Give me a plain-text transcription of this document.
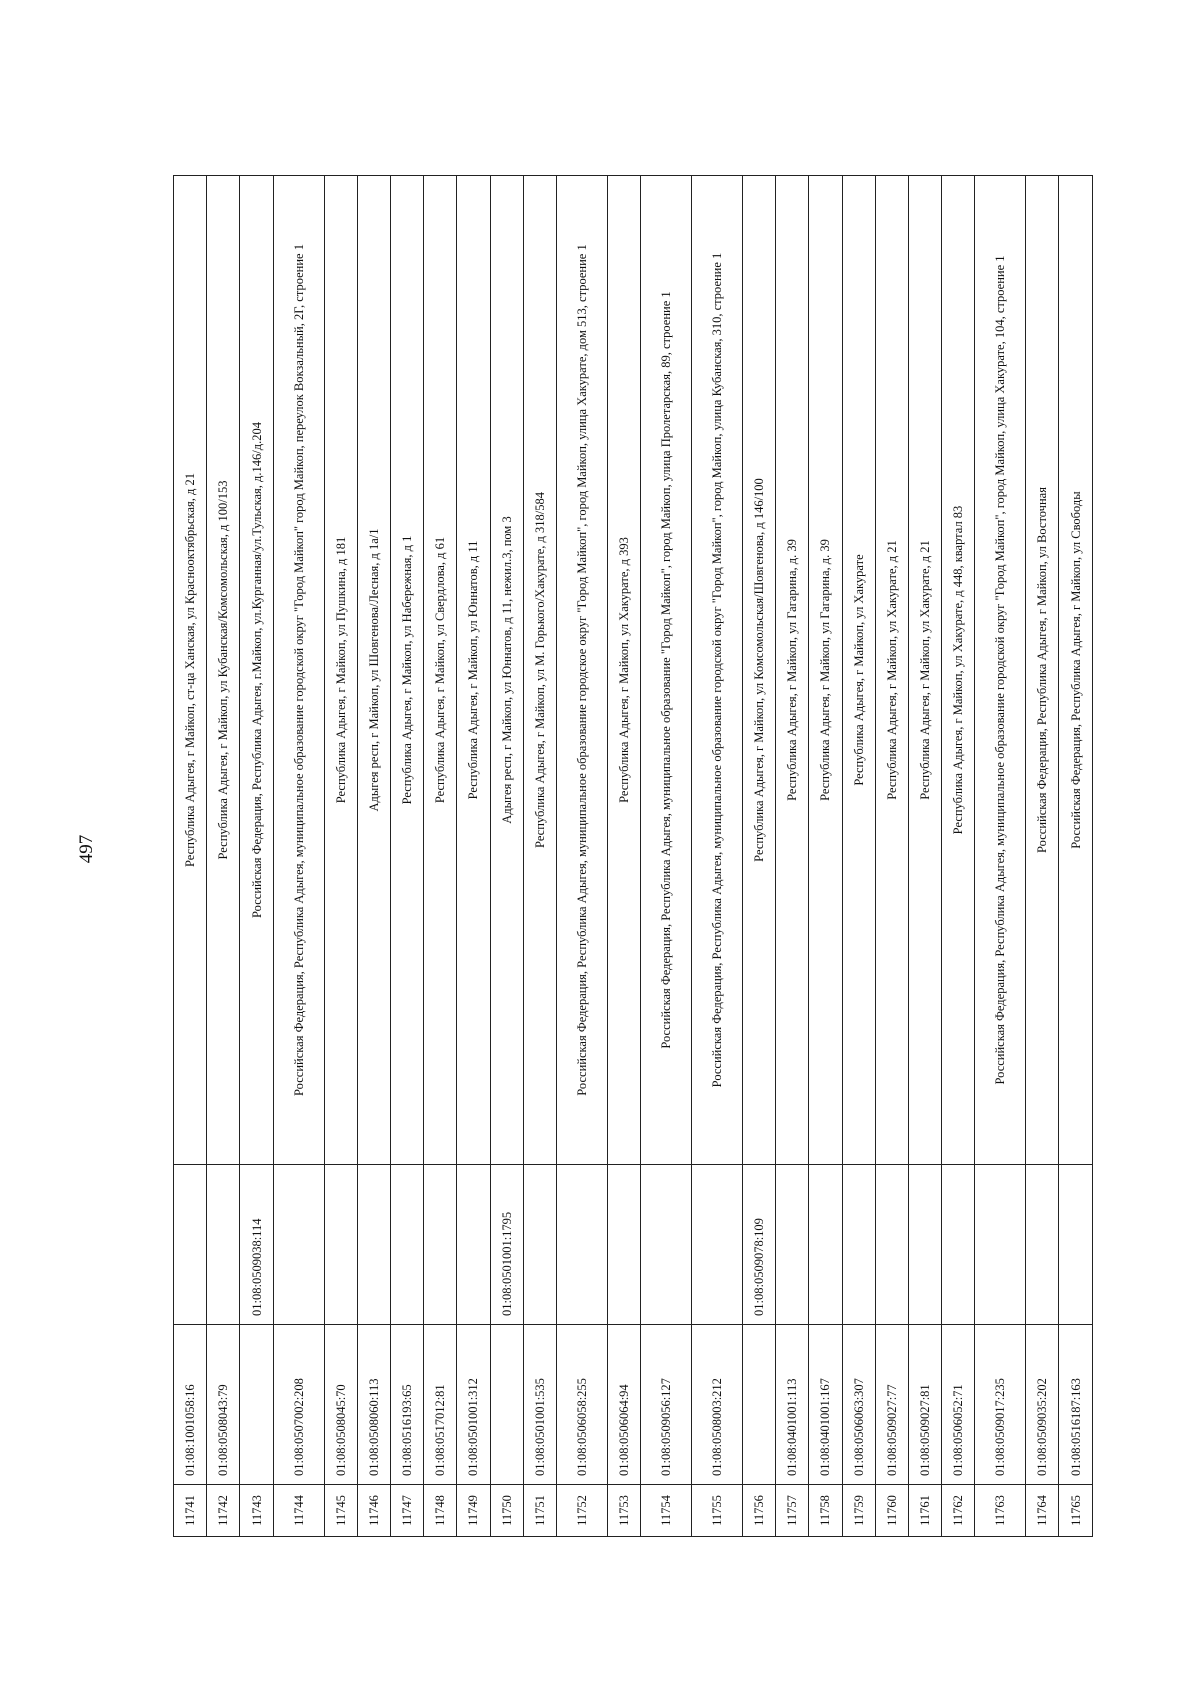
497
11741	01:08:1001058:16		Республика Адыгея, г Майкоп, ст-ца Ханская, ул Краснооктябрьская, д 21
11742	01:08:0508043:79		Республика Адыгея, г Майкоп, ул Кубанская/Комсомольская, д 100/153
11743		01:08:0509038:114	Российская Федерация, Республика Адыгея, г.Майкоп, ул.Курганная/ул.Тульская, д.146/д.204
11744	01:08:0507002:208		Российская Федерация, Республика Адыгея, муниципальное образование городской округ "Город Майкоп" город Майкоп, переулок Вокзальный, 2Г, строение 1
11745	01:08:0508045:70		Республика Адыгея, г Майкоп, ул Пушкина, д 181
11746	01:08:0508060:113		Адыгея респ, г Майкоп, ул Шовгенова/Лесная, д 1а/1
11747	01:08:0516193:65		Республика Адыгея, г Майкоп, ул Набережная, д 1
11748	01:08:0517012:81		Республика Адыгея, г Майкоп, ул Свердлова, д 61
11749	01:08:0501001:312		Республика Адыгея, г Майкоп, ул Юннатов, д 11
11750		01:08:0501001:1795	Адыгея респ, г Майкоп, ул Юннатов, д 11, нежил.3, пом 3
11751	01:08:0501001:535		Республика Адыгея, г Майкоп, ул М. Горького/Хакурате, д 318/584
11752	01:08:0506058:255		Российская Федерация, Республика Адыгея, муниципальное образование городское округ "Город Майкоп", город Майкоп, улица Хакурате, дом 513, строение 1
11753	01:08:0506064:94		Республика Адыгея, г Майкоп, ул Хакурате, д 393
11754	01:08:0509056:127		Российская Федерация, Республика Адыгея, муниципальное образование "Город Майкоп", город Майкоп, улица Пролетарская, 89, строение 1
11755	01:08:0508003:212		Российская Федерация, Республика Адыгея, муниципальное образование городской округ "Город Майкоп", город Майкоп, улица Кубанская, 310, строение 1
11756		01:08:0509078:109	Республика Адыгея, г Майкоп, ул Комсомольская/Шовгенова, д 146/100
11757	01:08:0401001:113		Республика Адыгея, г Майкоп, ул Гагарина, д. 39
11758	01:08:0401001:167		Республика Адыгея, г Майкоп, ул Гагарина, д. 39
11759	01:08:0506063:307		Республика Адыгея, г Майкоп, ул Хакурате
11760	01:08:0509027:77		Республика Адыгея, г Майкоп, ул Хакурате, д 21
11761	01:08:0509027:81		Республика Адыгея, г Майкоп, ул Хакурате, д 21
11762	01:08:0506052:71		Республика Адыгея, г Майкоп, ул Хакурате, д 448, квартал 83
11763	01:08:0509017:235		Российская Федерация, Республика Адыгея, муниципальное образование городской округ "Город Майкоп", город Майкоп, улица Хакурате, 104, строение 1
11764	01:08:0509035:202		Российская Федерация, Республика Адыгея, г Майкоп, ул Восточная
11765	01:08:0516187:163		Российская Федерация, Республика Адыгея, г Майкоп, ул Свободы
